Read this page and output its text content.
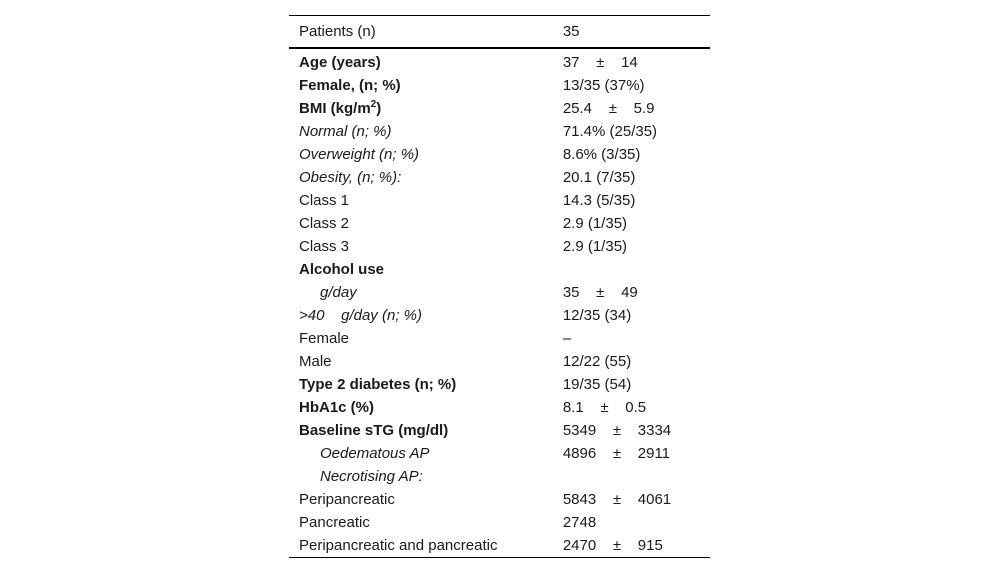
Patients (n)	35
Age (years)	37    ±    14
Female, (n; %)	13/35 (37%)
BMI $(kg/m^2)$	25.4    ±    5.9
Normal (n; %)	71.4% (25/35)
Overweight (n; %)	8.6% (3/35)
Obesity, (n; %):	20.1 (7/35)
Class 1	14.3 (5/35)
Class 2	2.9 (1/35)
Class 3	2.9 (1/35)
Alcohol use	
g/day	35    ±    49
>40    g/day (n; %)	12/35 (34)
Female	–
Male	12/22 (55)
Type 2 diabetes (n; %)	19/35 (54)
HbA1c (%)	8.1    ±    0.5
Baseline sTG (mg/dl)	5349    ±    3334
Oedematous AP	4896    ±    2911
Necrotising AP:	
Peripancreatic	5843    ±    4061
Pancreatic	2748
Peripancreatic and pancreatic	2470    ±    915
